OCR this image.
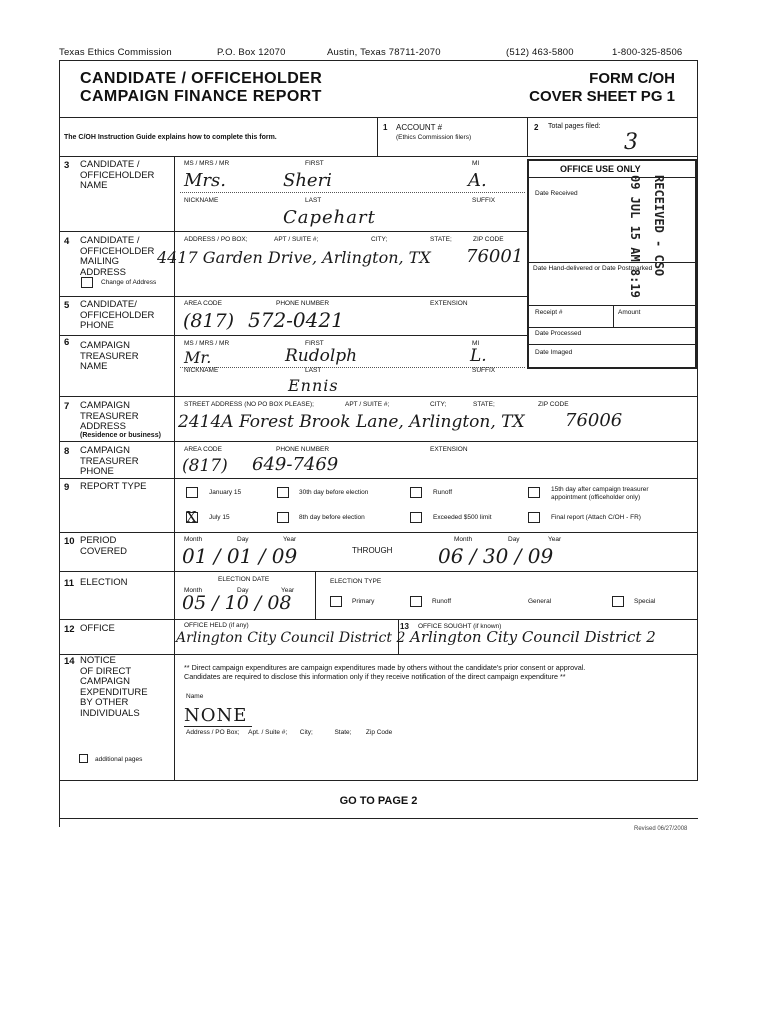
Texas Ethics Commission	P.O. Box 12070	Austin, Texas 78711-2070	(512) 463-5800	1-800-325-8506
CANDIDATE / OFFICEHOLDER
CAMPAIGN FINANCE REPORT
FORM C/OH
COVER SHEET PG 1
The C/OH Instruction Guide explains how to complete this form.
1 ACCOUNT #
(Ethics Commission filers)
2 Total pages filed:
3
OFFICE USE ONLY
Date Received
Date Hand-delivered or Date Postmarked
Receipt #	Amount
Date Processed
Date Imaged
RECEIVED - CSO
09 JUL 15 AM 8:19
3 CANDIDATE /
OFFICEHOLDER
NAME
MS / MRS / MR	FIRST	MI
Mrs.	Sheri	A.
NICKNAME	LAST	SUFFIX
Capehart
4 CANDIDATE /
OFFICEHOLDER
MAILING
ADDRESS
Change of Address
ADDRESS / PO BOX;	APT / SUITE #;	CITY;	STATE;	ZIP CODE
4417 Garden Drive, Arlington, TX 76001
5 CANDIDATE/
OFFICEHOLDER
PHONE
AREA CODE	PHONE NUMBER	EXTENSION
(817) 572-0421
6 CAMPAIGN
TREASURER
NAME
MS / MRS / MR	FIRST	MI
Mr.	Rudolph	L.
NICKNAME	LAST	SUFFIX
Ennis
7 CAMPAIGN
TREASURER
ADDRESS
(Residence or business)
STREET ADDRESS (NO PO BOX PLEASE);	APT / SUITE #;	CITY;	STATE;	ZIP CODE
2414A Forest Brook Lane, Arlington, TX 76006
8 CAMPAIGN
TREASURER
PHONE
AREA CODE	PHONE NUMBER	EXTENSION
(817) 649-7469
9 REPORT TYPE
January 15	30th day before election	Runoff	15th day after campaign treasurer appointment (officeholder only)
X July 15	8th day before election	Exceeded $500 limit	Final report (Attach C/OH - FR)
10 PERIOD
COVERED
Month	Day	Year
01 / 01 / 09	THROUGH
Month	Day	Year
06 / 30 / 09
11 ELECTION	ELECTION DATE
Month	Day	Year
05 / 10 / 08
ELECTION TYPE
Primary	Runoff	General	Special
12 OFFICE	OFFICE HELD (if any)
Arlington City Council District 2
13 OFFICE SOUGHT (if known)
Arlington City Council District 2
14 NOTICE
OF DIRECT
CAMPAIGN
EXPENDITURE
BY OTHER
INDIVIDUALS
** Direct campaign expenditures are campaign expenditures made by others without the candidate's prior consent or approval.
Candidates are required to disclose this information only if they receive notification of the direct campaign expenditure **
Name
NONE
Address / PO Box;     Apt. / Suite #;       City;            State;        Zip Code
additional pages
GO TO PAGE 2
Revised 06/27/2008
